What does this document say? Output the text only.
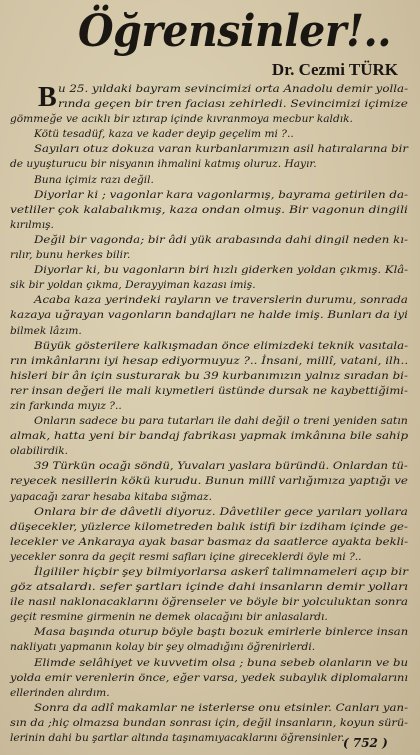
Öğrensinler!..
Dr. Cezmi TÜRK
B u 25. yıldaki bayram sevincimizi orta Anadolu demir yolla-
rında geçen bir tren faciası zehirledi. Sevincimizi içimize
gömmeğe ve acıklı bir ıztırap içinde kıvranmoya mecbur kaldık.
Kötü tesadüf, kaza ve kader deyip geçelim mi ?..
Sayıları otuz dokuza varan kurbanlarımızın asil hatıralarına bir
de uyuşturucu bir nisyanın ihmalini katmış oluruz. Hayır.
Buna içimiz razı değil.
Diyorlar ki ; vagonlar kara vagonlarmış, bayrama getirilen da-
vetliler çok kalabalıkmış, kaza ondan olmuş. Bir vagonun dingili
kırılmış.
Değil bir vagonda; bir âdi yük arabasında dahi dingil neden kı-
rılır, bunu herkes bilir.
Diyorlar ki, bu vagonların biri hızlı giderken yoldan çıkmış. Klâ-
sik bir yoldan çıkma, Derayyiman kazası imiş.
Acaba kaza yerindeki rayların ve traverslerin durumu, sonrada
kazaya uğrayan vagonların bandajları ne halde imiş. Bunları da iyi
bilmek lâzım.
Büyük gösterilere kalkışmadan önce elimizdeki teknik vasıtala-
rın imkânlarını iyi hesap ediyormuyuz ?.. İnsani, millî, vatani, ilh..
hisleri bir ân için susturarak bu 39 kurbanımızın yalnız sıradan bi-
rer insan değeri ile mali kıymetleri üstünde dursak ne kaybettiğimi-
zin farkında mıyız ?..
Onların sadece bu para tutarları ile dahi değil o treni yeniden satın
almak, hatta yeni bir bandaj fabrikası yapmak imkânına bile sahip
olabilirdik.
39 Türkün ocağı söndü, Yuvaları yaslara büründü. Onlardan tü-
reyecek nesillerin kökü kurudu. Bunun millî varlığımıza yaptığı ve
yapacağı zarar hesaba kitaba sığmaz.
Onlara bir de dâvetli diyoruz. Dâvetliler gece yarıları yollara
düşecekler, yüzlerce kilometreden balık istifi bir izdiham içinde ge-
lecekler ve Ankaraya ayak basar basmaz da saatlerce ayakta bekli-
yecekler sonra da geçit resmi safları içine gireceklerdi öyle mi ?..
İlgililer hiçbir şey bilmiyorlarsa askerî talimnameleri açıp bir
göz atsalardı. sefer şartları içinde dahi insanların demir yolları
ile nasıl naklonacaklarını öğrenseler ve böyle bir yolculuktan sonra
geçit resmine girmenin ne demek olacağını bir anlasalardı.
Masa başında oturup böyle baştı bozuk emirlerle binlerce insan
nakliyatı yapmanın kolay bir şey olmadığını öğrenirlerdi.
Elimde selâhiyet ve kuvvetim olsa ; buna sebeb olanların ve bu
yolda emir verenlerin önce, eğer varsa, yedek subaylık diplomalarını
ellerinden alırdım.
Sonra da adlî makamlar ne isterlerse onu etsinler. Canları yan-
sın da ;hiç olmazsa bundan sonrası için, değil insanların, koyun sürü-
lerinin dahi bu şartlar altında taşınamıyacaklarını öğrensinler.
( 752 )
